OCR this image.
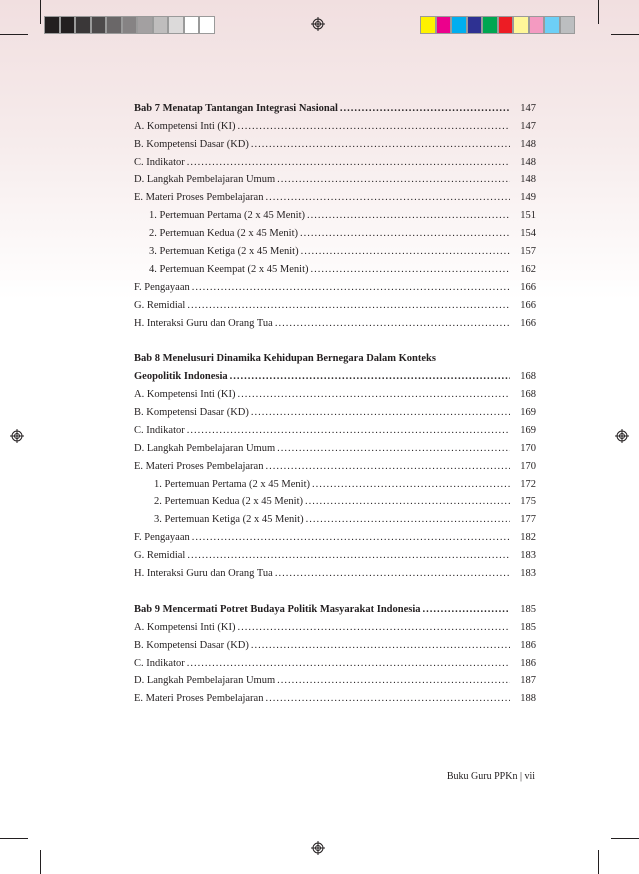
Bab 7 Menatap Tantangan Integrasi Nasional .....	147
A. Kompetensi Inti (KI) .....	147
B. Kompetensi Dasar (KD) .....	148
C. Indikator .....	148
D. Langkah Pembelajaran Umum .....	148
E. Materi Proses Pembelajaran .....	149
1. Pertemuan Pertama (2 x 45 Menit) .....	151
2. Pertemuan Kedua (2 x 45 Menit) .....	154
3. Pertemuan Ketiga (2 x 45 Menit) .....	157
4. Pertemuan Keempat (2 x 45 Menit) .....	162
F. Pengayaan .....	166
G. Remidial .....	166
H. Interaksi Guru dan Orang Tua .....	166
Bab 8 Menelusuri Dinamika Kehidupan Bernegara Dalam Konteks
Geopolitik Indonesia .....	168
A. Kompetensi Inti (KI) .....	168
B. Kompetensi Dasar (KD) .....	169
C. Indikator .....	169
D. Langkah Pembelajaran Umum .....	170
E. Materi Proses Pembelajaran .....	170
1. Pertemuan Pertama (2 x 45 Menit) .....	172
2. Pertemuan Kedua (2 x 45 Menit) .....	175
3. Pertemuan Ketiga (2 x 45 Menit) .....	177
F. Pengayaan .....	182
G. Remidial .....	183
H. Interaksi Guru dan Orang Tua .....	183
Bab 9 Mencermati Potret Budaya Politik Masyarakat Indonesia .....	185
A. Kompetensi Inti (KI) .....	185
B. Kompetensi Dasar (KD) .....	186
C. Indikator .....	186
D. Langkah Pembelajaran Umum .....	187
E. Materi Proses Pembelajaran .....	188
Buku Guru PPKn | vii
